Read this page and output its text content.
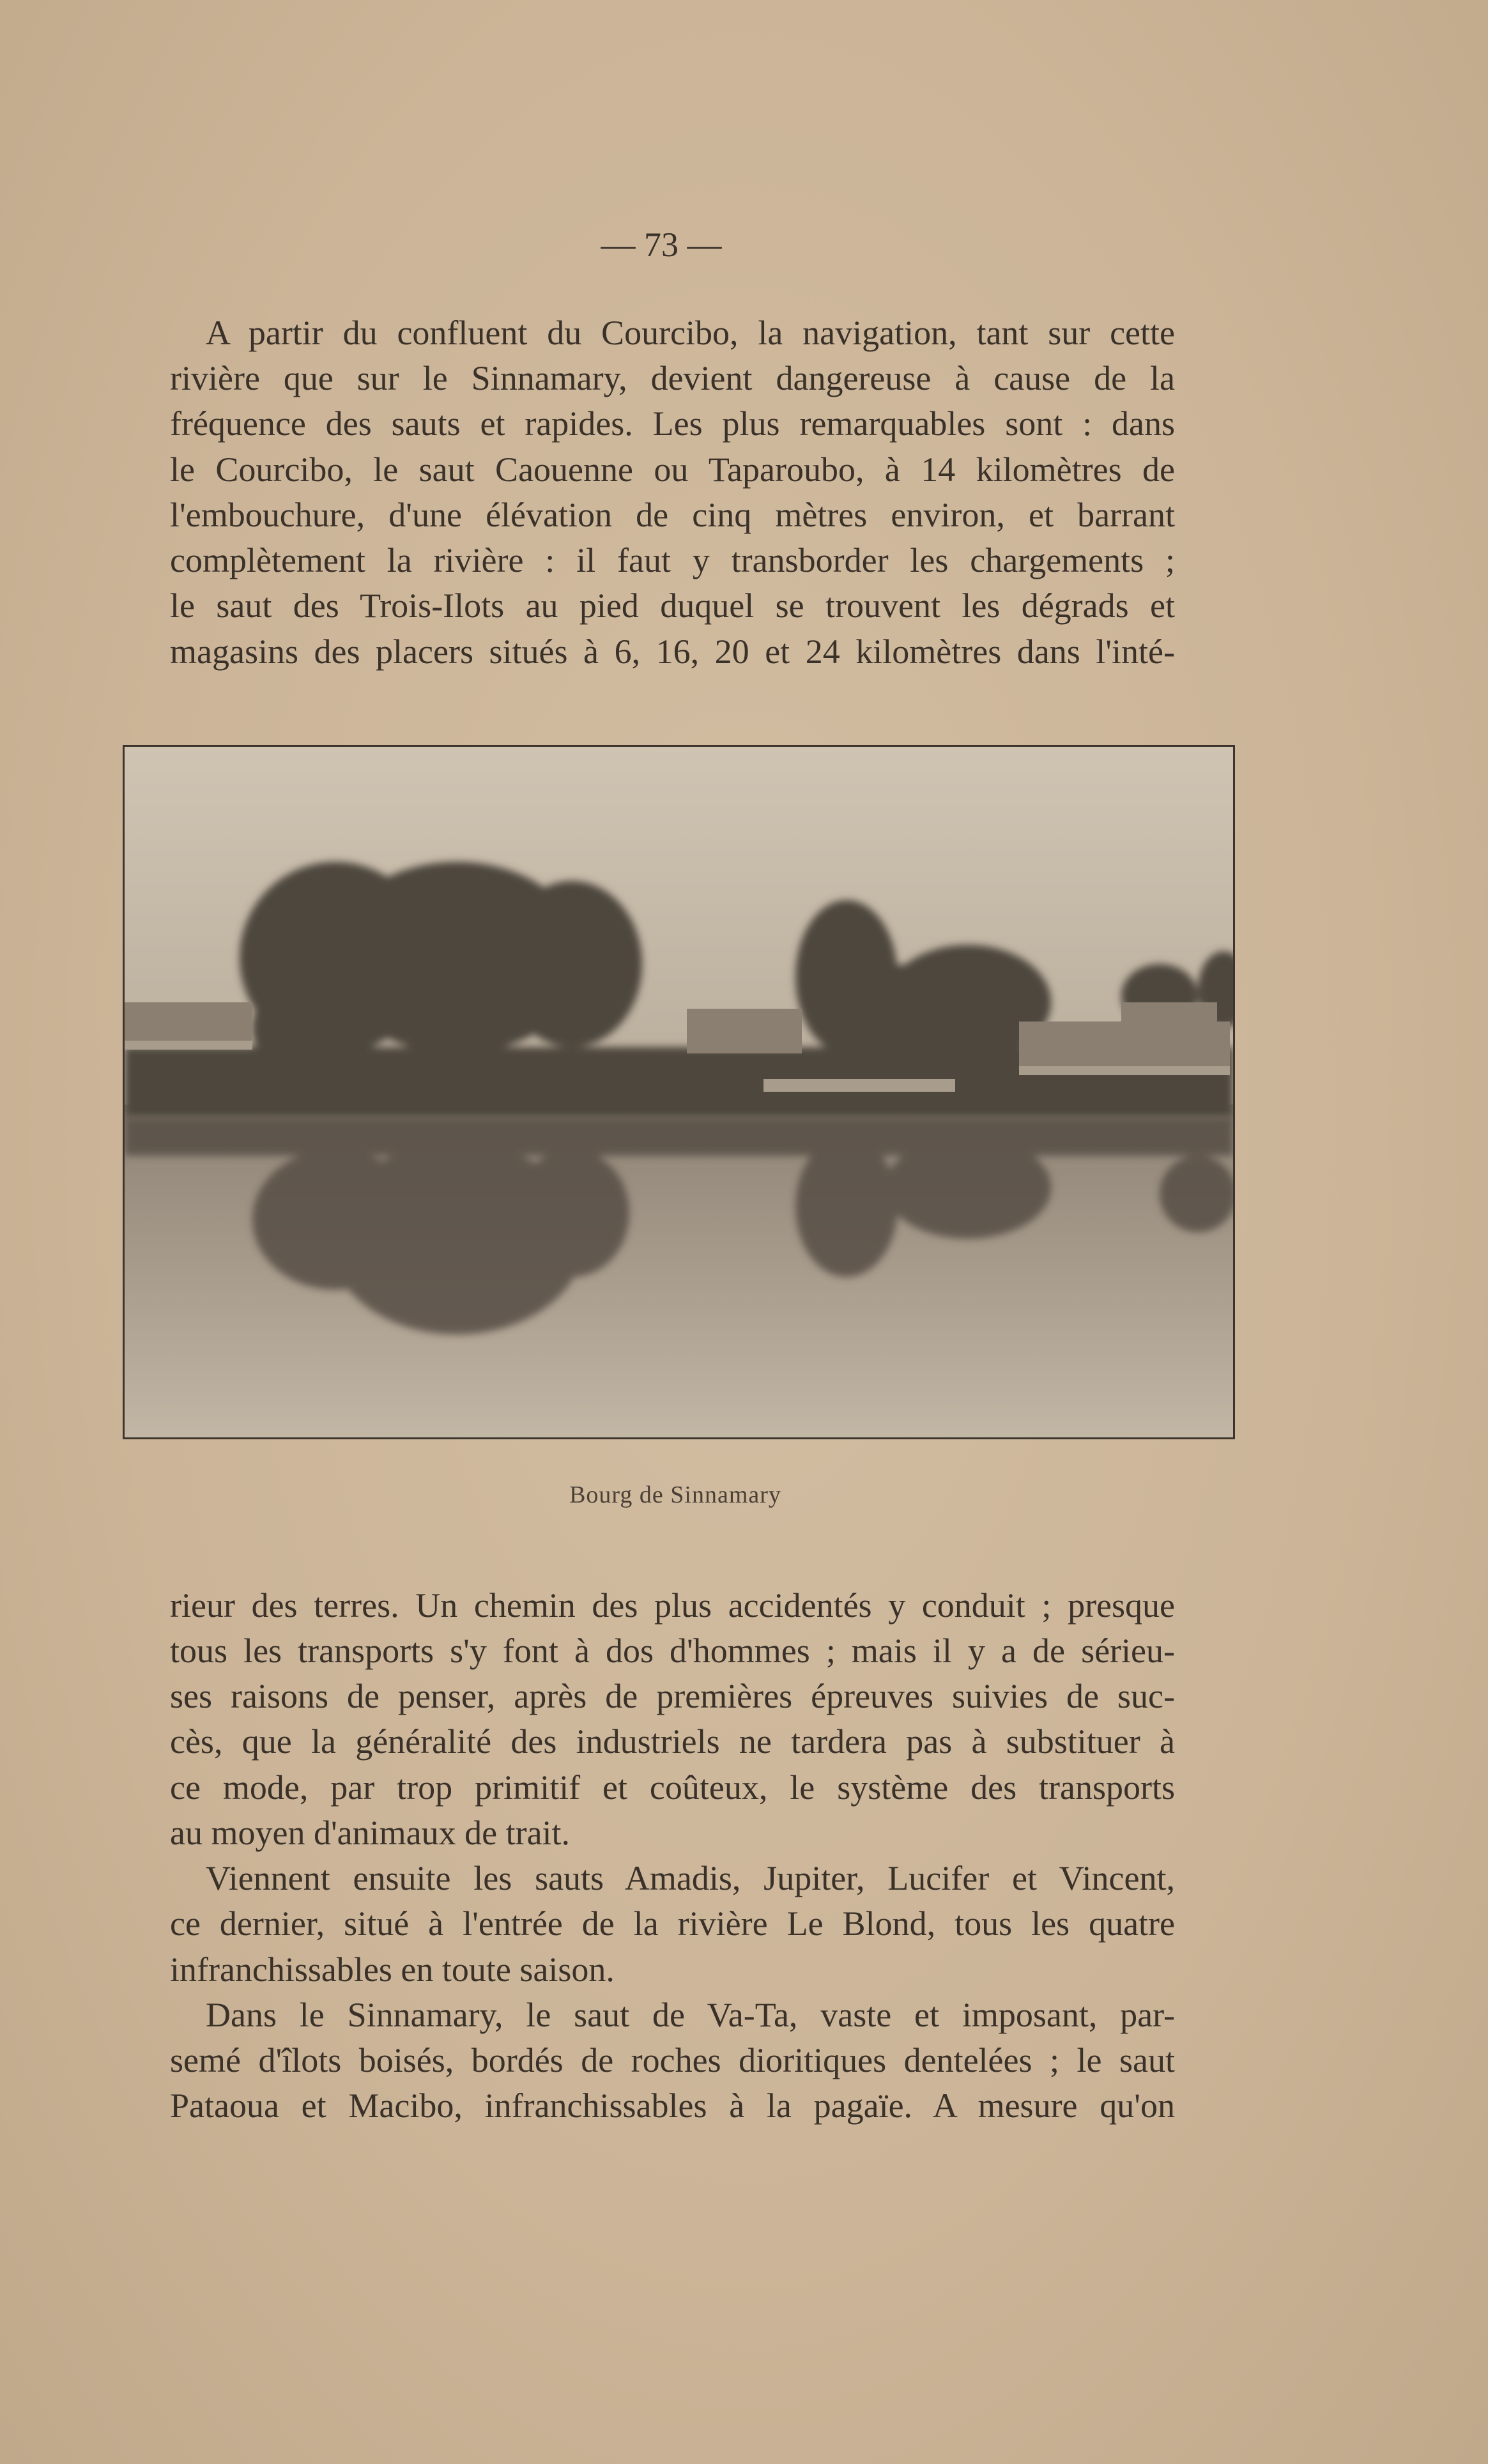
— 73 —
A partir du confluent du Courcibo, la navigation, tant sur cette
rivière que sur le Sinnamary, devient dangereuse à cause de la
fréquence des sauts et rapides. Les plus remarquables sont : dans
le Courcibo, le saut Caouenne ou Taparoubo, à 14 kilomètres de
l'embouchure, d'une élévation de cinq mètres environ, et barrant
complètement la rivière : il faut y transborder les chargements ;
le saut des Trois-Ilots au pied duquel se trouvent les dégrads et
magasins des placers situés à 6, 16, 20 et 24 kilomètres dans l'inté-
Bourg de Sinnamary
rieur des terres. Un chemin des plus accidentés y conduit ; presque
tous les transports s'y font à dos d'hommes ; mais il y a de sérieu-
ses raisons de penser, après de premières épreuves suivies de suc-
cès, que la généralité des industriels ne tardera pas à substituer à
ce mode, par trop primitif et coûteux, le système des transports
au moyen d'animaux de trait.
Viennent ensuite les sauts Amadis, Jupiter, Lucifer et Vincent,
ce dernier, situé à l'entrée de la rivière Le Blond, tous les quatre
infranchissables en toute saison.
Dans le Sinnamary, le saut de Va-Ta, vaste et imposant, par-
semé d'îlots boisés, bordés de roches dioritiques dentelées ; le saut
Pataoua et Macibo, infranchissables à la pagaïe. A mesure qu'on
